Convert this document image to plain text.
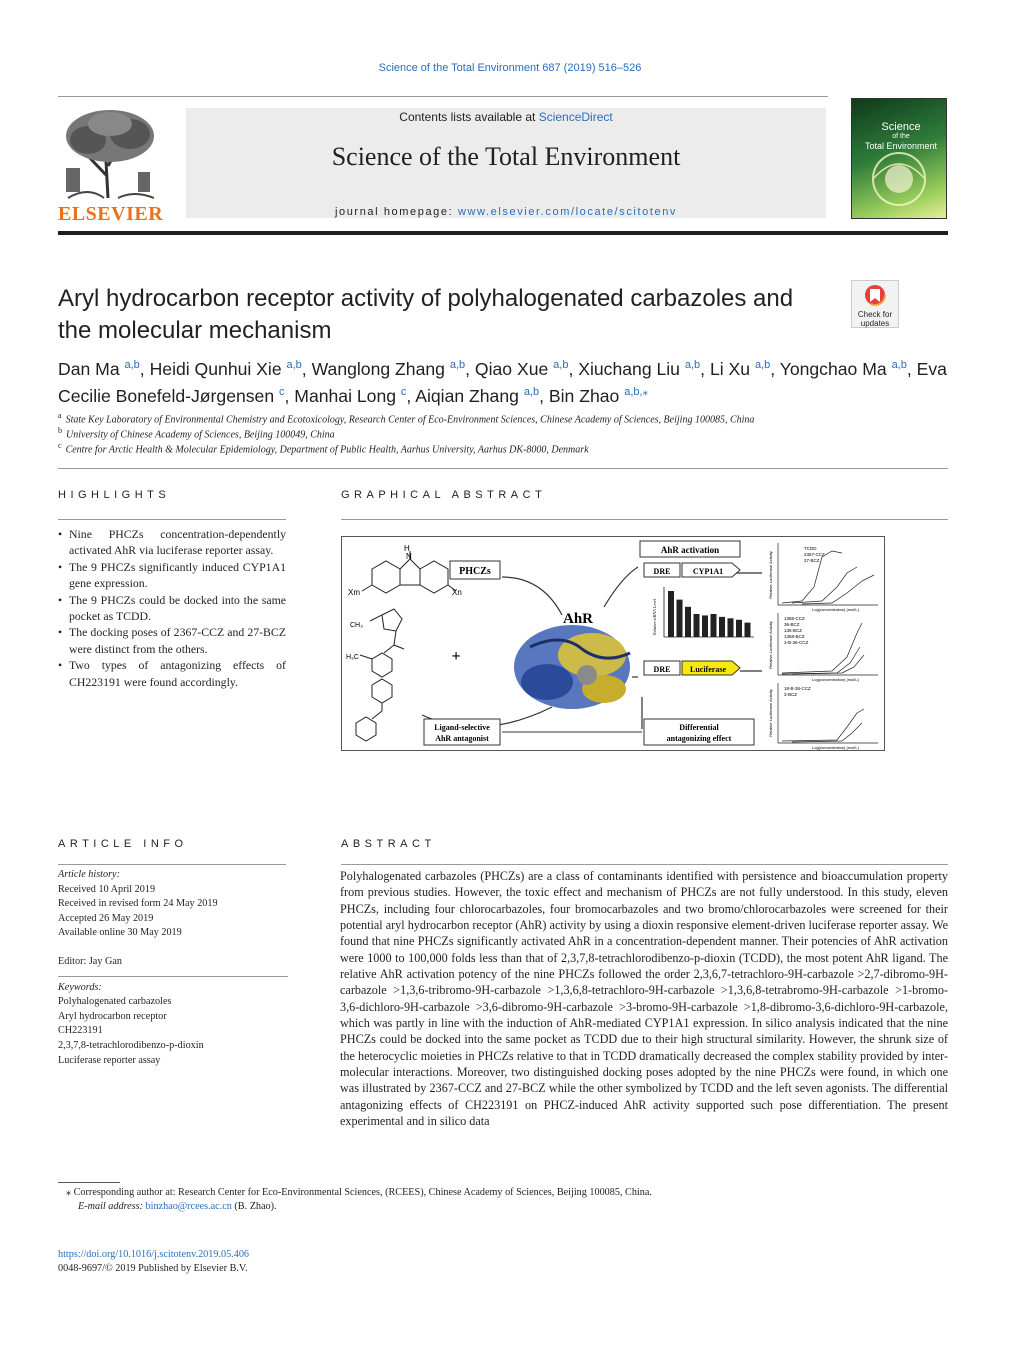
Science of the Total Environment 687 (2019) 516–526
ELSEVIER
Contents lists available at ScienceDirect
Science of the Total Environment
journal homepage: www.elsevier.com/locate/scitotenv
Science
of the
Total Environment
Aryl hydrocarbon receptor activity of polyhalogenated carbazoles and the molecular mechanism
Check for
updates
Dan Ma $^{a,b}$, Heidi Qunhui Xie $^{a,b}$, Wanglong Zhang $^{a,b}$, Qiao Xue $^{a,b}$, Xiuchang Liu $^{a,b}$, Li Xu $^{a,b}$, Yongchao Ma $^{a,b}$, Eva Cecilie Bonefeld-Jørgensen $^c$, Manhai Long $^c$, Aiqian Zhang $^{a,b}$, Bin Zhao $^{a,b,⁎}$
$^a$ State Key Laboratory of Environmental Chemistry and Ecotoxicology, Research Center of Eco-Environment Sciences, Chinese Academy of Sciences, Beijing 100085, China
$^b$ University of Chinese Academy of Sciences, Beijing 100049, China
$^c$ Centre for Arctic Health & Molecular Epidemiology, Department of Public Health, Aarhus University, Aarhus DK-8000, Denmark
HIGHLIGHTS
• Nine PHCZs concentration-dependently activated AhR via luciferase reporter assay.
• The 9 PHCZs significantly induced CYP1A1 gene expression.
• The 9 PHCZs could be docked into the same pocket as TCDD.
• The docking poses of 2367-CCZ and 27-BCZ were distinct from the others.
• Two types of antagonizing effects of CH223191 were found accordingly.
GRAPHICAL ABSTRACT
H
N
Xm	Xn
PHCZs
CH₃
H₃C	+
AhR
AhR activation
DRE	CYP1A1
Relative mRNA Level
DRE Luciferase
Ligand-selective
AhR antagonist
Differential
antagonizing effect
TCDD
2367-CCZ
27-BCZ
1368-CCZ
36-BCZ
136-BCZ
1368-BCZ
3-B-36-CCZ
18-B-36-CCZ
3-BCZ
Log(concentration) (mol/L)
Log(concentration) (mol/L)
Log(concentration) (mol/L)
Relative Luciferase Activity
Relative Luciferase Activity
Relative Luciferase Activity
ARTICLE INFO
Article history:
Received 10 April 2019
Received in revised form 24 May 2019
Accepted 26 May 2019
Available online 30 May 2019
Editor: Jay Gan
Keywords:
Polyhalogenated carbazoles
Aryl hydrocarbon receptor
CH223191
2,3,7,8-tetrachlorodibenzo-p-dioxin
Luciferase reporter assay
ABSTRACT

Polyhalogenated carbazoles (PHCZs) are a class of contaminants identified with persistence and bioaccumulation property from previous studies. However, the toxic effect and mechanism of PHCZs are not fully understood. In this study, eleven PHCZs, including four chlorocarbazoles, four bromocarbazoles and two bromo/chlorocarbazoles were screened for their potential aryl hydrocarbon receptor (AhR) activity by using a dioxin responsive element-driven luciferase reporter assay. We found that nine PHCZs significantly activated AhR in a concentration-dependent manner. Their potencies of AhR activation were 1000 to 100,000 folds less than that of 2,3,7,8-tetrachlorodibenzo-p-dioxin (TCDD), the most potent AhR ligand. The relative AhR activation potency of the nine PHCZs followed the order 2,3,6,7-tetrachloro-9H-carbazole >2,7-dibromo-9H-carbazole >1,3,6-tribromo-9H-carbazole >1,3,6,8-tetrachloro-9H-carbazole >1,3,6,8-tetrabromo-9H-carbazole >1-bromo-3,6-dichloro-9H-carbazole >3,6-dibromo-9H-carbazole >3-bromo-9H-carbazole >1,8-dibromo-3,6-dichloro-9H-carbazole, which was partly in line with the induction of AhR-mediated CYP1A1 expression. In silico analysis indicated that the nine PHCZs could be docked into the same pocket as TCDD due to their high structural similarity. However, the shrunk size of the heterocyclic moieties in PHCZs relative to that in TCDD dramatically decreased the complex stability provided by inter-molecular interactions. Moreover, two distinguished docking poses adopted by the nine PHCZs were found, in which one was illustrated by 2367-CCZ and 27-BCZ while the other symbolized by TCDD and the left seven agonists. The differential antagonizing effects of CH223191 on PHCZ-induced AhR activity supported such pose differentiation. The present experimental and in silico data

⁎ Corresponding author at: Research Center for Eco-Environmental Sciences, (RCEES), Chinese Academy of Sciences, Beijing 100085, China.
E-mail address: binzhao@rcees.ac.cn (B. Zhao).
https://doi.org/10.1016/j.scitotenv.2019.05.406
0048-9697/© 2019 Published by Elsevier B.V.
